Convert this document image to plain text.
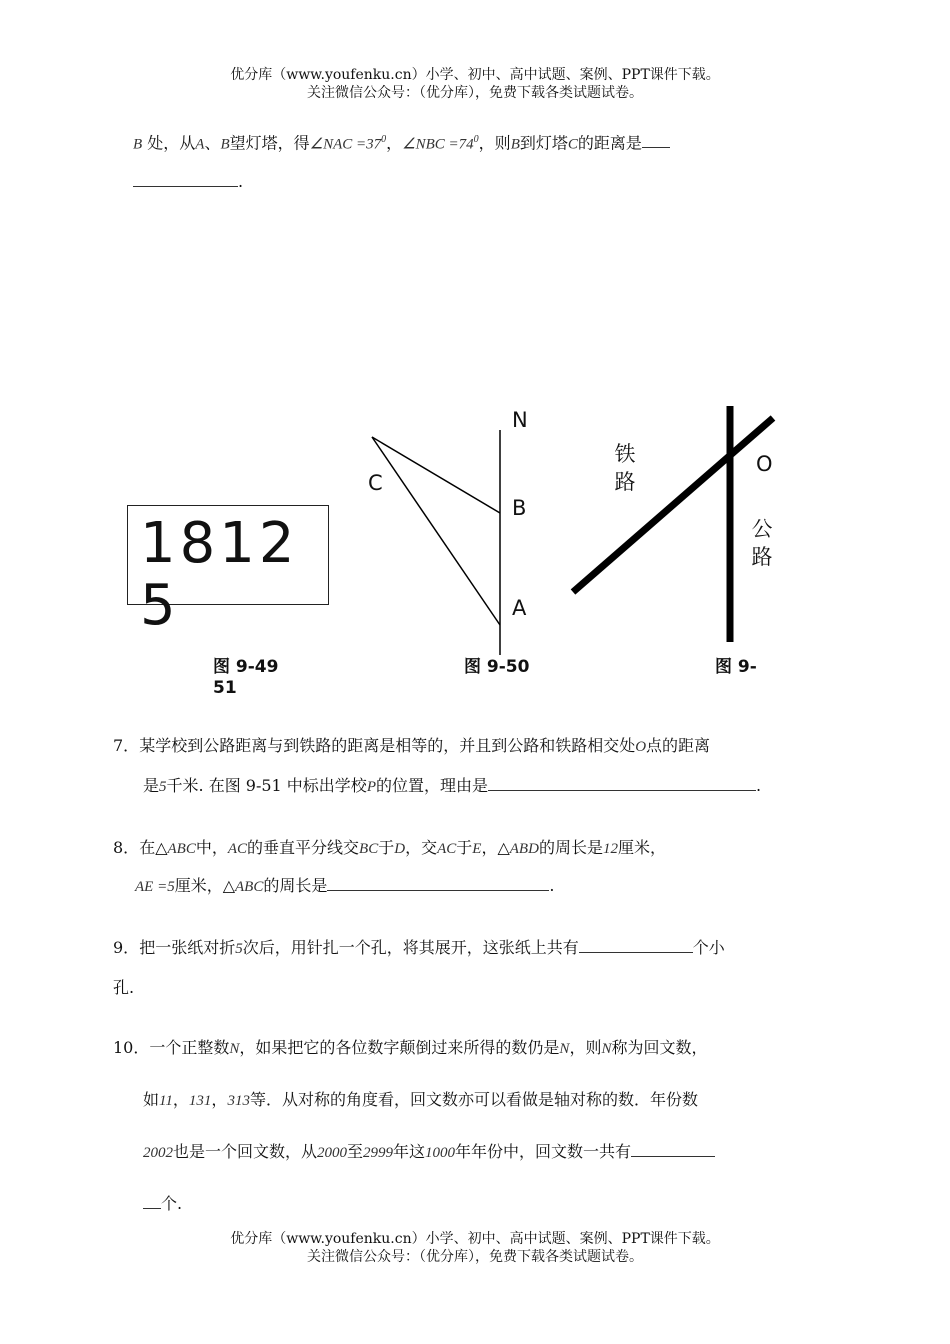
优分库（www.youfenku.cn）小学、初中、高中试题、案例、PPT课件下载。
关注微信公众号：（优分库），免费下载各类试题试卷。
B 处，从A、B望灯塔，得∠NAC $=37^0$，∠NBC $=74^0$，则B到灯塔C的距离是
.
18125
图 9-49
51
N
B
A
C
图 9-50
铁路
公路
O
图 9-
7．某学校到公路距离与到铁路的距离是相等的，并且到公路和铁路相交处O点的距离
是5千米. 在图 9-51 中标出学校P的位置，理由是	.
8．在△ABC中，AC的垂直平分线交BC于D，交AC于E，△ABD的周长是12厘米，
AE =5厘米，△ABC的周长是	.
9．把一张纸对折5次后，用针扎一个孔，将其展开，这张纸上共有	个小
孔.
10．一个正整数N，如果把它的各位数字颠倒过来所得的数仍是N，则N称为回文数，
如11，131，313等．从对称的角度看，回文数亦可以看做是轴对称的数．年份数
2002也是一个回文数，从2000至2999年这1000年年份中，回文数一共有
个.
优分库（www.youfenku.cn）小学、初中、高中试题、案例、PPT课件下载。
关注微信公众号：（优分库），免费下载各类试题试卷。
